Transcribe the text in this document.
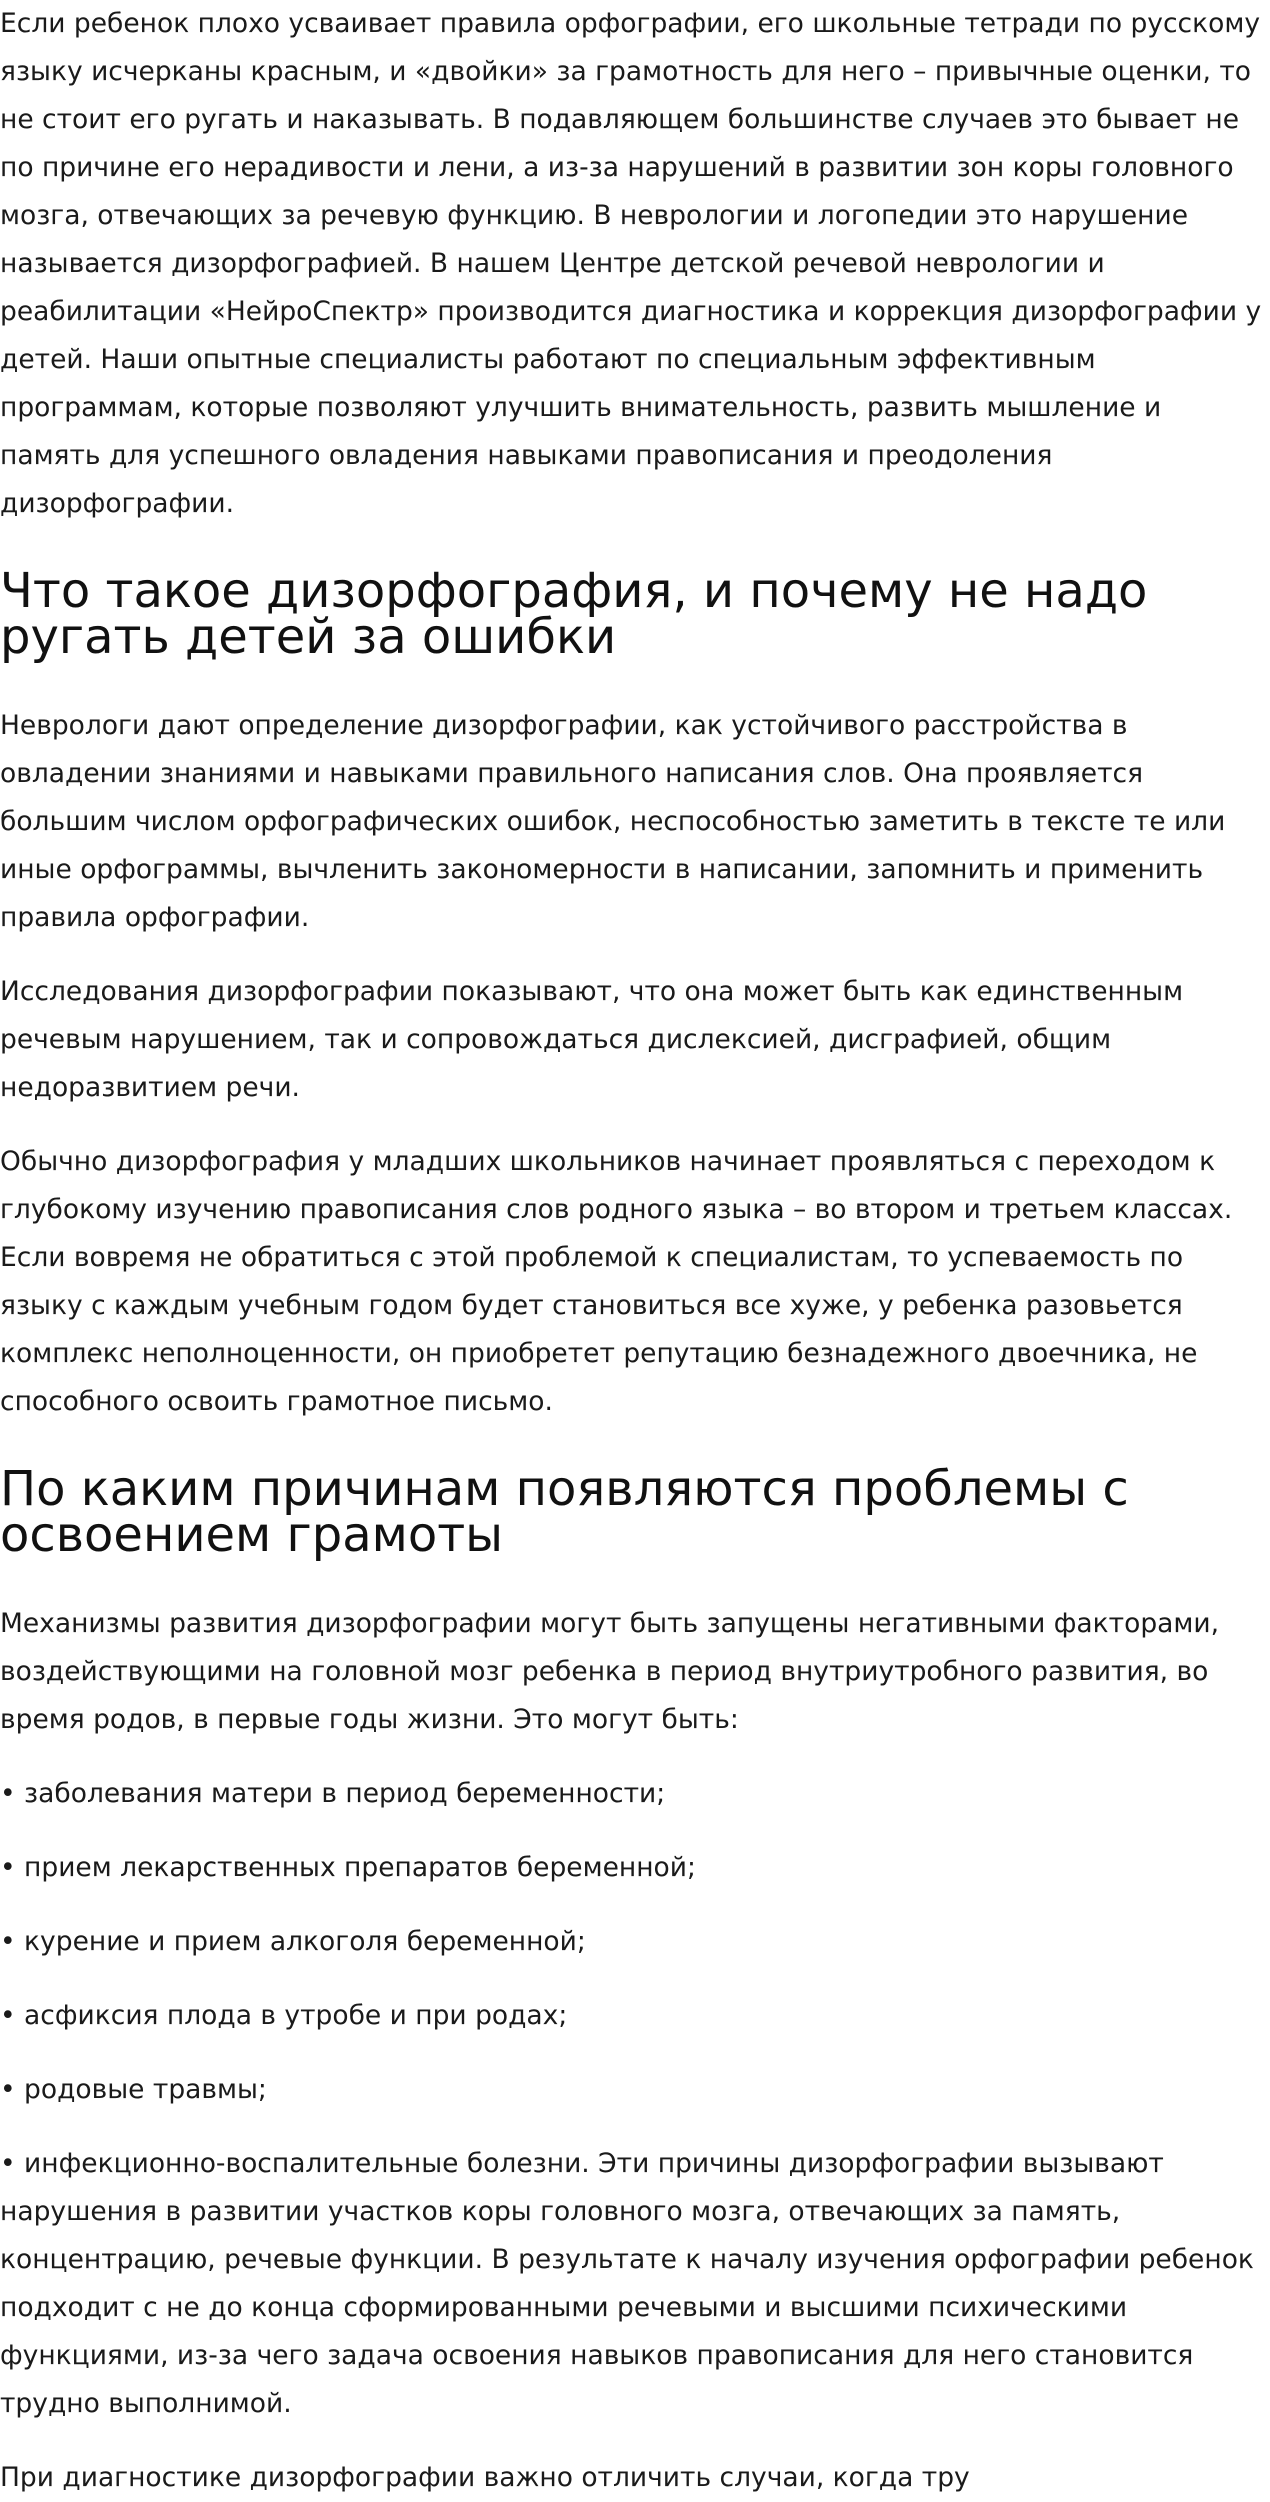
Если ребенок плохо усваивает правила орфографии, его школьные тетради по русскому языку исчерканы красным, и «двойки» за грамотность для него – привычные оценки, то не стоит его ругать и наказывать. В подавляющем большинстве случаев это бывает не по причине его нерадивости и лени, а из-за нарушений в развитии зон коры головного мозга, отвечающих за речевую функцию. В неврологии и логопедии это нарушение называется дизорфографией. В нашем Центре детской речевой неврологии и реабилитации «НейроСпектр» производится диагностика и коррекция дизорфографии у детей. Наши опытные специалисты работают по специальным эффективным программам, которые позволяют улучшить внимательность, развить мышление и память для успешного овладения навыками правописания и преодоления дизорфографии.

Что такое дизорфография, и почему не надо ругать детей за ошибки

Неврологи дают определение дизорфографии, как устойчивого расстройства в овладении знаниями и навыками правильного написания слов. Она проявляется большим числом орфографических ошибок, неспособностью заметить в тексте те или иные орфограммы, вычленить закономерности в написании, запомнить и применить правила орфографии.

Исследования дизорфографии показывают, что она может быть как единственным речевым нарушением, так и сопровождаться дислексией, дисграфией, общим недоразвитием речи.

Обычно дизорфография у младших школьников начинает проявляться с переходом к глубокому изучению правописания слов родного языка – во втором и третьем классах. Если вовремя не обратиться с этой проблемой к специалистам, то успеваемость по языку с каждым учебным годом будет становиться все хуже, у ребенка разовьется комплекс неполноценности, он приобретет репутацию безнадежного двоечника, не способного освоить грамотное письмо.

По каким причинам появляются проблемы с освоением грамоты

Механизмы развития дизорфографии могут быть запущены негативными факторами, воздействующими на головной мозг ребенка в период внутриутробного развития, во время родов, в первые годы жизни. Это могут быть:

• заболевания матери в период беременности;

• прием лекарственных препаратов беременной;

• курение и прием алкоголя беременной;

• асфиксия плода в утробе и при родах;

• родовые травмы;

• инфекционно-воспалительные болезни. Эти причины дизорфографии вызывают нарушения в развитии участков коры головного мозга, отвечающих за память, концентрацию, речевые функции. В результате к началу изучения орфографии ребенок подходит с не до конца сформированными речевыми и высшими психическими функциями, из-за чего задача освоения навыков правописания для него становится трудно выполнимой.

При диагностике дизорфографии важно отличить случаи, когда тру
